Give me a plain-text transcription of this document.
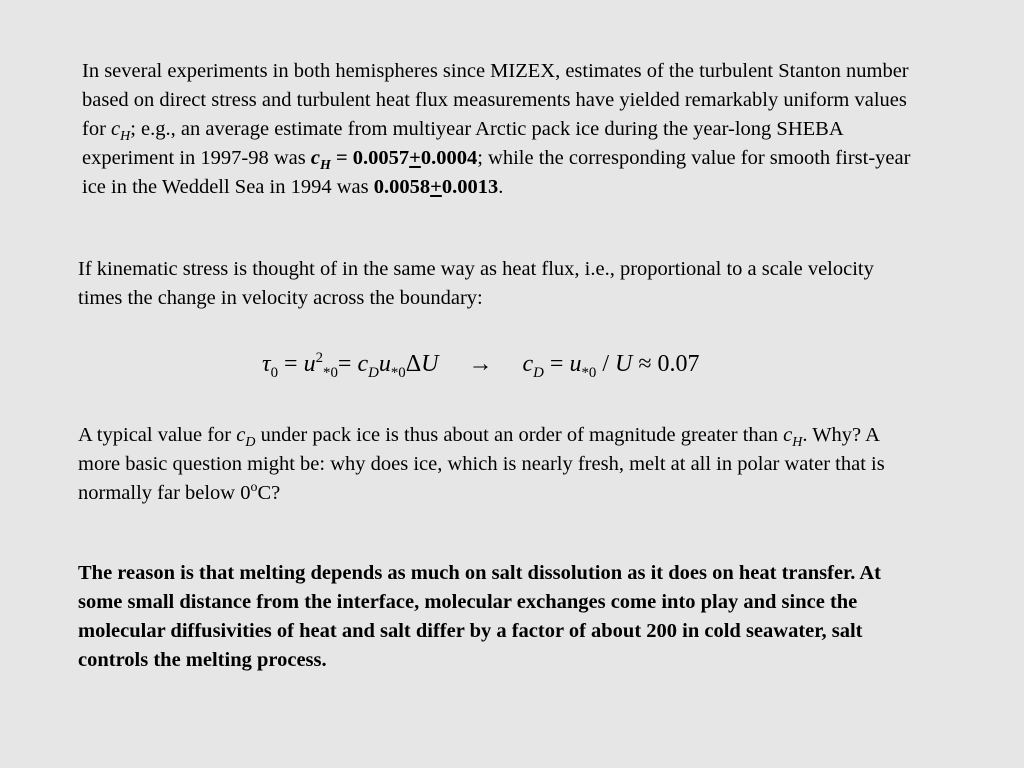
In several experiments in both hemispheres since MIZEX, estimates of the turbulent Stanton number based on direct stress and turbulent heat flux measurements have yielded remarkably uniform values for $c_H$; e.g., an average estimate from multiyear Arctic pack ice during the year-long SHEBA experiment in 1997-98 was $c_H = 0.0057+0.0004$; while the corresponding value for smooth first-year ice in the Weddell Sea in 1994 was 0.0058+0.0013.

If kinematic stress is thought of in the same way as heat flux, i.e., proportional to a scale velocity times the change in velocity across the boundary:

$\tau_0 = u^2_{*0}= c_Du_{*0}\Delta U \to c_D = u_{*0} / U \approx 0.07$

A typical value for $c_D$ under pack ice is thus about an order of magnitude greater than $c_H$. Why? A more basic question might be: why does ice, which is nearly fresh, melt at all in polar water that is normally far below 0$^o$C?

The reason is that melting depends as much on salt dissolution as it does on heat transfer. At some small distance from the interface, molecular exchanges come into play and since the molecular diffusivities of heat and salt differ by a factor of about 200 in cold seawater, salt controls the melting process.
